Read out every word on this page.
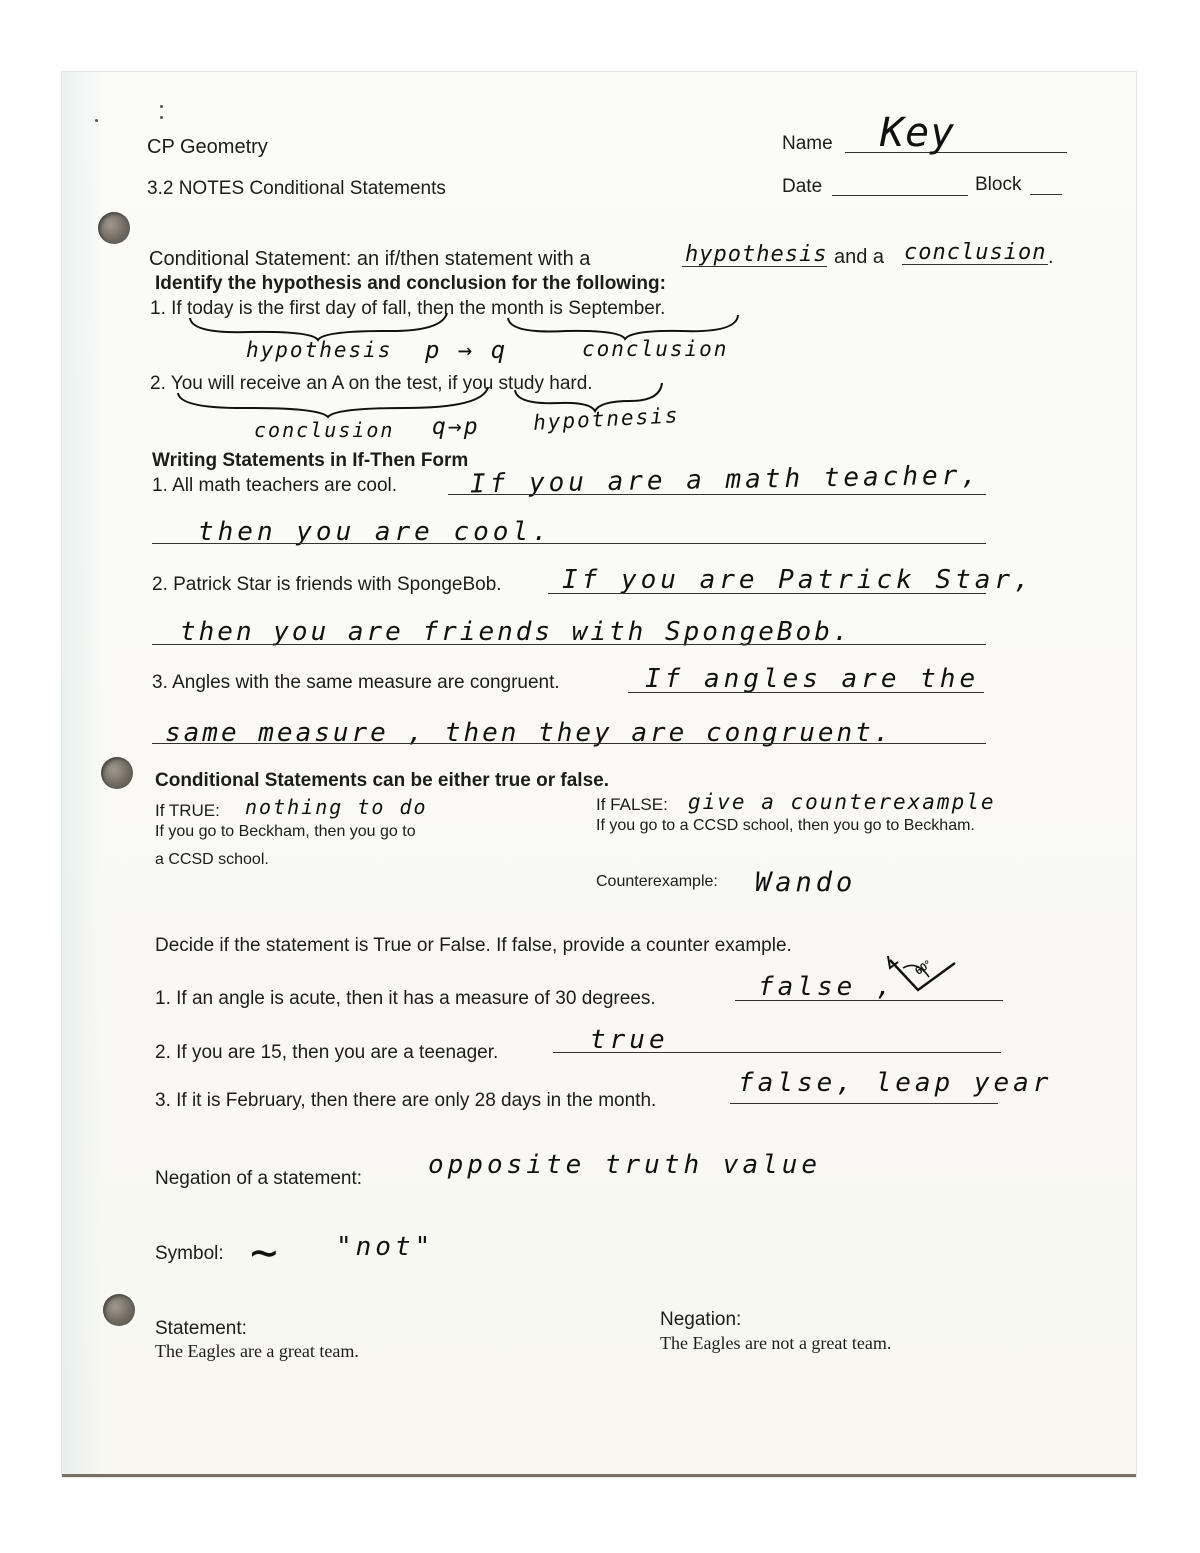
CP Geometry
3.2 NOTES Conditional Statements
Name Key
Date	Block
Conditional Statement: an if/then statement with a	hypothesis and a conclusion .
Identify the hypothesis and conclusion for the following:
1. If today is the first day of fall, then the month is September.
hypothesis p → q	conclusion
2. You will receive an A on the test, if you study hard.
conclusion q→p	hypotnesis
Writing Statements in If-Then Form
1. All math teachers are cool.	If you are a math teacher,
then you are cool.
2. Patrick Star is friends with SpongeBob. If you are Patrick Star,
then you are friends with SpongeBob.
3. Angles with the same measure are congruent.	If angles are the
same measure , then they are congruent.
Conditional Statements can be either true or false.
If TRUE: nothing to do
If you go to Beckham, then you go to
a CCSD school.
If FALSE: give a counterexample
If you go to a CCSD school, then you go to Beckham.
Counterexample: Wando
Decide if the statement is True or False. If false, provide a counter example.
1. If an angle is acute, then it has a measure of 30 degrees.	false ,
60°
2. If you are 15, then you are a teenager.	true
3. If it is February, then there are only 28 days in the month.
false, leap year
Negation of a statement:	opposite truth value
Symbol: ∼ "not"
Statement:
The Eagles are a great team.
Negation:
The Eagles are not a great team.
